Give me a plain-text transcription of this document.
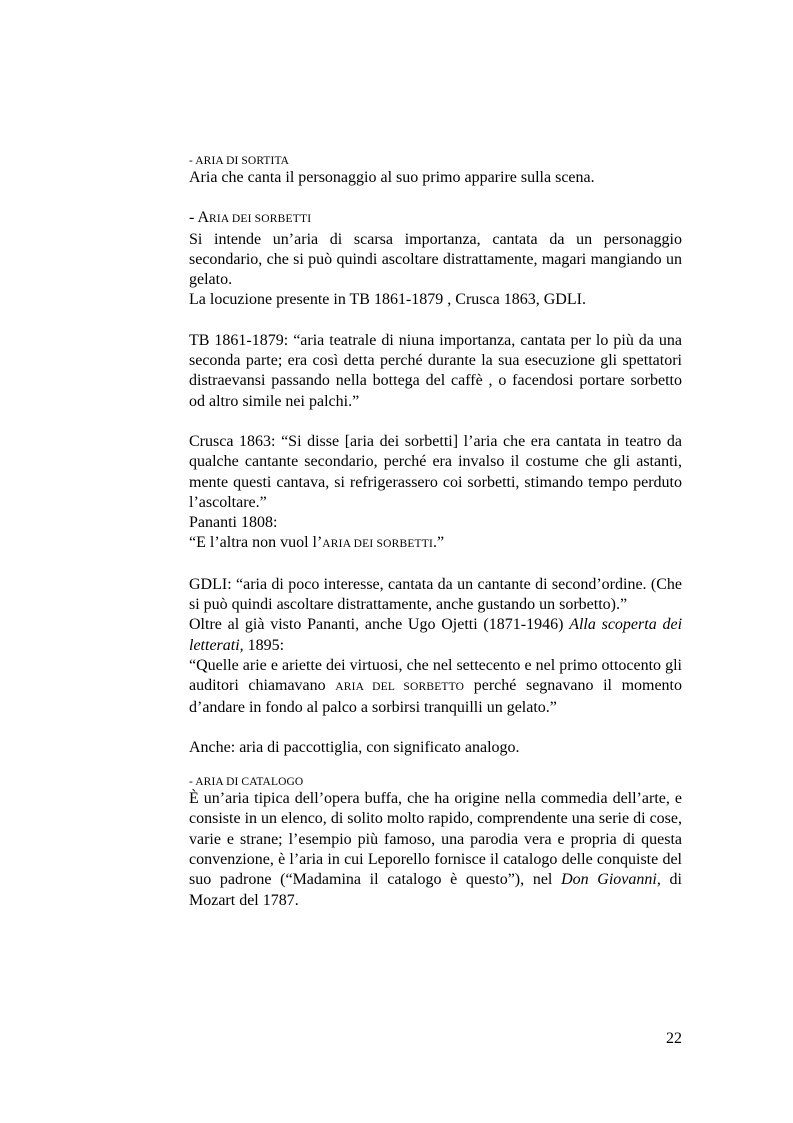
- ARIA DI SORTITA

Aria che canta il personaggio al suo primo apparire sulla scena.

- ARIA DEI SORBETTI

Si intende un’aria di scarsa importanza, cantata da un personaggio secondario, che si può quindi ascoltare distrattamente, magari mangiando un gelato.

La locuzione presente in TB 1861-1879 , Crusca 1863, GDLI.

TB 1861-1879: “aria teatrale di niuna importanza, cantata per lo più da una seconda parte; era così detta perché durante la sua esecuzione gli spettatori distraevansi passando nella bottega del caffè , o facendosi portare sorbetto od altro simile nei palchi.”

Crusca 1863: “Si disse [aria dei sorbetti] l’aria che era cantata in teatro da qualche cantante secondario, perché era invalso il costume che gli astanti, mente questi cantava, si refrigerassero coi sorbetti, stimando tempo perduto l’ascoltare.”

Pananti 1808:

“E l’altra non vuol l’ARIA DEI SORBETTI.”

GDLI: “aria di poco interesse, cantata da un cantante di second’ordine. (Che si può quindi ascoltare distrattamente, anche gustando un sorbetto).”

Oltre al già visto Pananti, anche Ugo Ojetti (1871-1946) Alla scoperta dei letterati, 1895:

“Quelle arie e ariette dei virtuosi, che nel settecento e nel primo ottocento gli auditori chiamavano ARIA DEL SORBETTO perché segnavano il momento d’andare in fondo al palco a sorbirsi tranquilli un gelato.”

Anche: aria di paccottiglia, con significato analogo.

- ARIA DI CATALOGO

È un’aria tipica dell’opera buffa, che ha origine nella commedia dell’arte, e consiste in un elenco, di solito molto rapido, comprendente una serie di cose, varie e strane; l’esempio più famoso, una parodia vera e propria di questa convenzione, è l’aria in cui Leporello fornisce il catalogo delle conquiste del suo padrone (“Madamina il catalogo è questo”), nel Don Giovanni, di Mozart del 1787.

22
